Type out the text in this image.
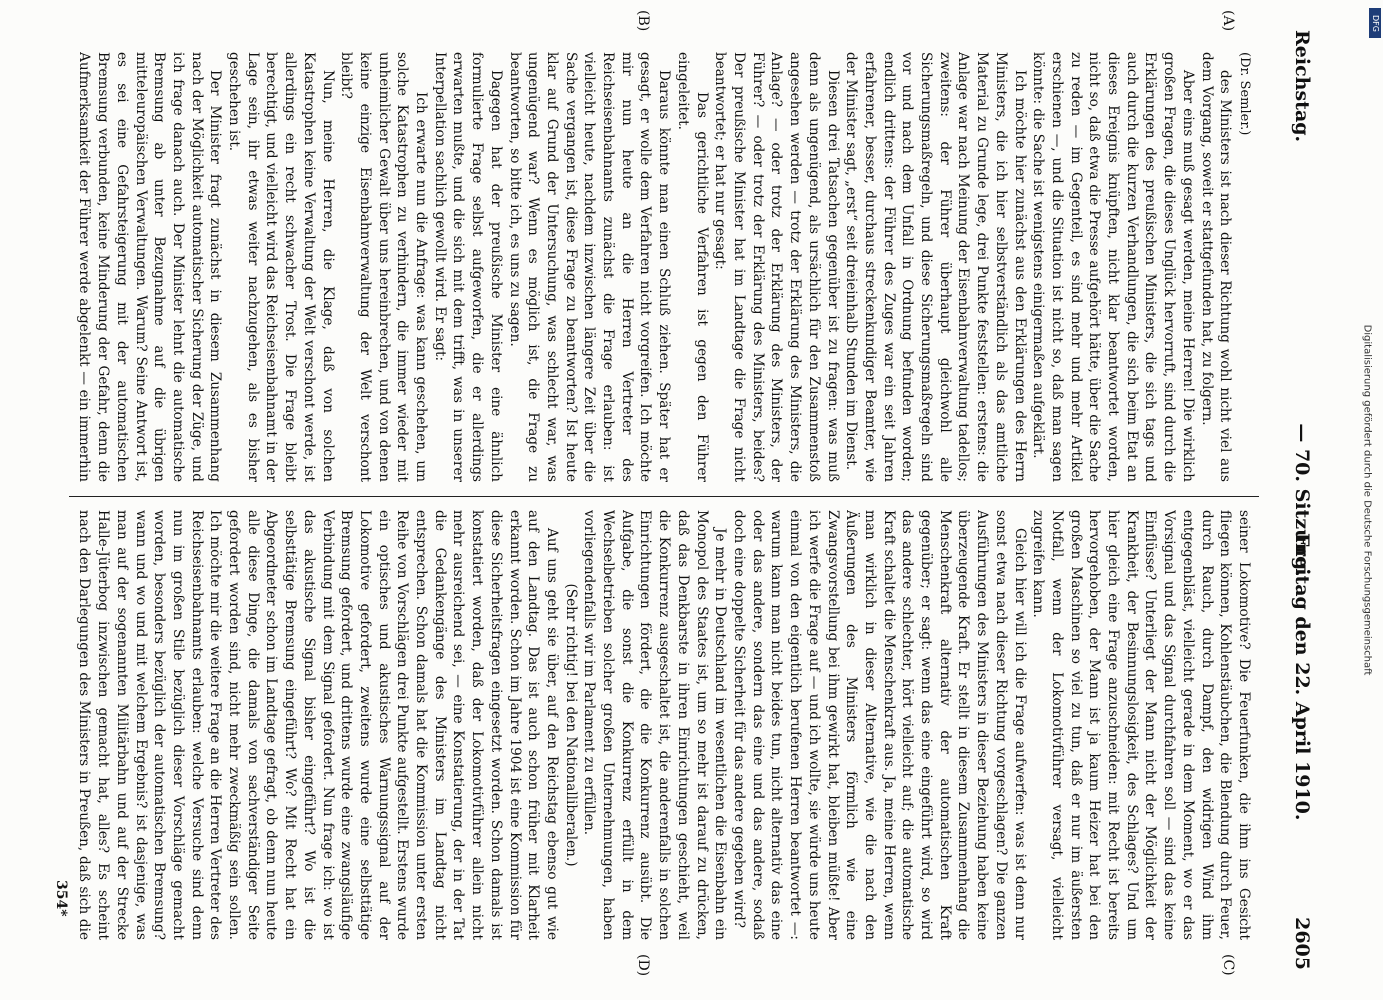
Reichstag.
— 70. Sitzung.
Freitag den 22. April 1910. 2605
(A)
(B)
(C)
(D)
(Dr. Semler.)

des Ministers ist nach dieser Richtung wohl nicht viel aus dem Vorgang, soweit er stattgefunden hat, zu folgern.

Aber eins muß gesagt werden, meine Herren! Die wirklich großen Fragen, die dieses Unglück hervorruft, sind durch die Erklärungen des preußischen Ministers, die sich tags und auch durch die kurzen Verhandlungen, die sich beim Etat an dieses Ereignis knüpften, nicht klar beantwortet worden, nicht so, daß etwa die Presse aufgehört hätte, über die Sache zu reden — im Gegenteil, es sind mehr und mehr Artikel erschienen —, und die Situation ist nicht so, daß man sagen könnte: die Sache ist wenigstens einigermaßen aufgeklärt.

Ich möchte hier zunächst aus den Erklärungen des Herrn Ministers, die ich hier selbstverständlich als das amtliche Material zu Grunde lege, drei Punkte feststellen: erstens: die Anlage war nach Meinung der Eisenbahnverwaltung tadellos; zweitens: der Führer überhaupt gleichwohl alle Sicherungsmaßregeln, und diese Sicherungsmaßregeln sind vor und nach dem Unfall in Ordnung befunden worden; endlich drittens: der Führer des Zuges war ein seit Jahren erfahrener, besser, durchaus streckenkundiger Beamter, wie der Minister sagt, „erst“ seit dreieinhalb Stunden im Dienst.

Diesen drei Tatsachen gegenüber ist zu fragen: was muß denn als ungenügend, als ursächlich für den Zusammenstoß angesehen werden — trotz der Erklärung des Ministers, die Anlage? — oder trotz der Erklärung des Ministers, der Führer? — oder trotz der Erklärung des Ministers, beides? Der preußische Minister hat im Landtage die Frage nicht beantwortet; er hat nur gesagt:

Das gerichtliche Verfahren ist gegen den Führer eingeleitet.

Daraus könnte man einen Schluß ziehen. Später hat er gesagt, er wolle dem Verfahren nicht vorgreifen. Ich möchte mir nun heute an die Herren Vertreter des Reichseisenbahnamts zunächst die Frage erlauben: ist vielleicht heute, nachdem inzwischen längere Zeit über die Sache vergangen ist, diese Frage zu beantworten? Ist heute klar auf Grund der Untersuchung, was schlecht war, was ungenügend war? Wenn es möglich ist, die Frage zu beantworten, so bitte ich, es uns zu sagen.

Dagegen hat der preußische Minister eine ähnlich formulierte Frage selbst aufgeworfen, die er allerdings erwarten mußte, und die sich mit dem trifft, was in unserer Interpellation sachlich gewollt wird. Er sagt:

Ich erwarte nun die Anfrage: was kann geschehen, um solche Katastrophen zu verhindern, die immer wieder mit unheimlicher Gewalt über uns hereinbrechen, und von denen keine einzige Eisenbahnverwaltung der Welt verschont bleibt?

Nun, meine Herren, die Klage, daß von solchen Katastrophen keine Verwaltung der Welt verschont werde, ist allerdings ein recht schwacher Trost. Die Frage bleibt berechtigt, und vielleicht wird das Reichseisenbahnamt in der Lage sein, ihr etwas weiter nachzugehen, als es bisher geschehen ist.

Der Minister fragt zunächst in diesem Zusammenhang nach der Möglichkeit automatischer Sicherung der Züge, und ich frage danach auch. Der Minister lehnt die automatische Bremsung ab unter Bezugnahme auf die übrigen mitteleuropäischen Verwaltungen. Warum? Seine Antwort ist, es sei eine Gefahrsteigerung mit der automatischen Bremsung verbunden, keine Minderung der Gefahr, denn die Aufmerksamkeit der Führer werde abgelenkt — ein immerhin

seiner Lokomotive? Die Feuerfunken, die ihm ins Gesicht fliegen können, Kohlenstäubchen, die Blendung durch Feuer, durch Rauch, durch Dampf, den widrigen Wind ihm entgegenbläst, vielleicht gerade in dem Moment, wo er das Vorsignal und das Signal durchfahren soll — sind das keine Einflüsse? Unterliegt der Mann nicht der Möglichkeit der Krankheit, der Besinnungslosigkeit, des Schlages? Und um hier gleich eine Frage anzuschneiden: mit Recht ist bereits hervorgehoben, der Mann ist ja kaum Heizer hat bei den großen Maschinen so viel zu tun, daß er nur im äußersten Notfall, wenn der Lokomotivführer versagt, vielleicht zugreifen kann.

Gleich hier will ich die Frage aufwerfen: was ist denn nur sonst etwa nach dieser Richtung vorgeschlagen? Die ganzen Ausführungen des Ministers in dieser Beziehung haben keine überzeugende Kraft. Er stellt in diesem Zusammenhang die Menschenkraft alternativ der automatischen Kraft gegenüber; er sagt: wenn das eine eingeführt wird, so wird das andere schlechter, hört vielleicht auf; die automatische Kraft schaltet die Menschenkraft aus. Ja, meine Herren, wenn man wirklich in dieser Alternative, wie die nach den Äußerungen des Ministers förmlich wie eine Zwangsvorstellung bei ihm gewirkt hat, bleiben müßte! Aber ich werfe die Frage auf — und ich wollte, sie würde uns heute einmal von den eigentlich berufenen Herren beantwortet —: warum kann man nicht beides tun, nicht alternativ das eine oder das andere, sondern das eine und das andere, sodaß doch eine doppelte Sicherheit für das andere gegeben wird?

Je mehr in Deutschland im wesentlichen die Eisenbahn ein Monopol des Staates ist, um so mehr ist darauf zu drücken, daß das Denkbarste in ihren Einrichtungen geschieht, weil die Konkurrenz ausgeschaltet ist, die anderenfalls in solchen Einrichtungen fördert, die die Konkurrenz ausübt. Die Aufgabe, die sonst die Konkurrenz erfüllt in dem Wechselbetrieben solcher großen Unternehmungen, haben vorliegendenfalls wir im Parlament zu erfüllen.

(Sehr richtig! bei den Nationalliberalen.)

Auf uns geht sie über, auf den Reichstag ebenso gut wie auf den Landtag. Das ist auch schon früher mit Klarheit erkannt worden. Schon im Jahre 1904 ist eine Kommission für diese Sicherheitsfragen eingesetzt worden. Schon damals ist konstatiert worden, daß der Lokomotivführer allein nicht mehr ausreichend sei, — eine Konstatierung, der in der Tat die Gedankengänge des Ministers im Landtag nicht entsprechen. Schon damals hat die Kommission unter ersten Reihe von Vorschlägen drei Punkte aufgestellt. Erstens wurde ein optisches und akustisches Warnungssignal auf der Lokomotive gefordert, zweitens wurde eine selbsttätige Bremsung gefordert, und drittens wurde eine zwangsläufige Verbindung mit dem Signal gefordert. Nun frage ich: wo ist das akustische Signal bisher eingeführt? Wo ist die selbsttätige Bremsung eingeführt? Wo? Mit Recht hat ein Abgeordneter schon im Landtage gefragt, ob denn nun heute alle diese Dinge, die damals von sachverständiger Seite gefordert worden sind, nicht mehr zweckmäßig sein sollen. Ich möchte mir die weitere Frage an die Herren Vertreter des Reichseisenbahnamts erlauben: welche Versuche sind denn nun im großen Stile bezüglich dieser Vorschläge gemacht worden, besonders bezüglich der automatischen Bremsung? wann und wo und mit welchem Ergebnis? ist dasjenige, was man auf der sogenannten Militärbahn und auf der Strecke Halle-Jüterbog inzwischen gemacht hat, alles? Es scheint nach den Darlegungen des Ministers in Preußen, daß sich die

354*
DFG
Digitalisierung gefördert durch die Deutsche Forschungsgemeinschaft
